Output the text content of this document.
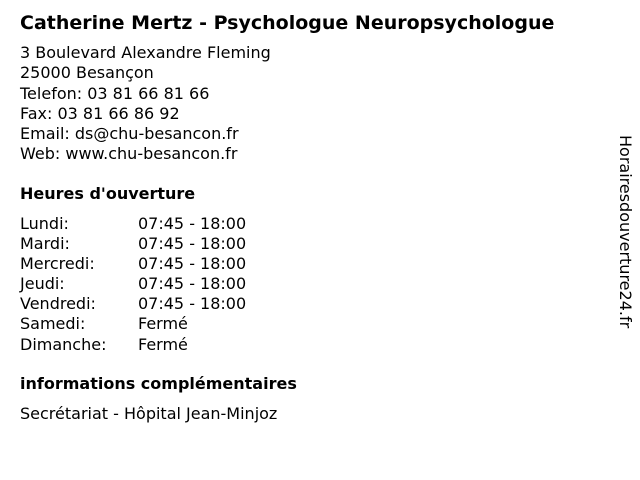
Catherine Mertz - Psychologue Neuropsychologue
3 Boulevard Alexandre Fleming
25000 Besançon
Telefon: 03 81 66 81 66
Fax: 03 81 66 86 92
Email: ds@chu-besancon.fr
Web: www.chu-besancon.fr
Heures d'ouverture
Lundi:	07:45 - 18:00
Mardi:	07:45 - 18:00
Mercredi:	07:45 - 18:00
Jeudi:	07:45 - 18:00
Vendredi:	07:45 - 18:00
Samedi:	Fermé
Dimanche: Fermé
informations complémentaires
Secrétariat - Hôpital Jean-Minjoz
Horairesdouverture24.fr
